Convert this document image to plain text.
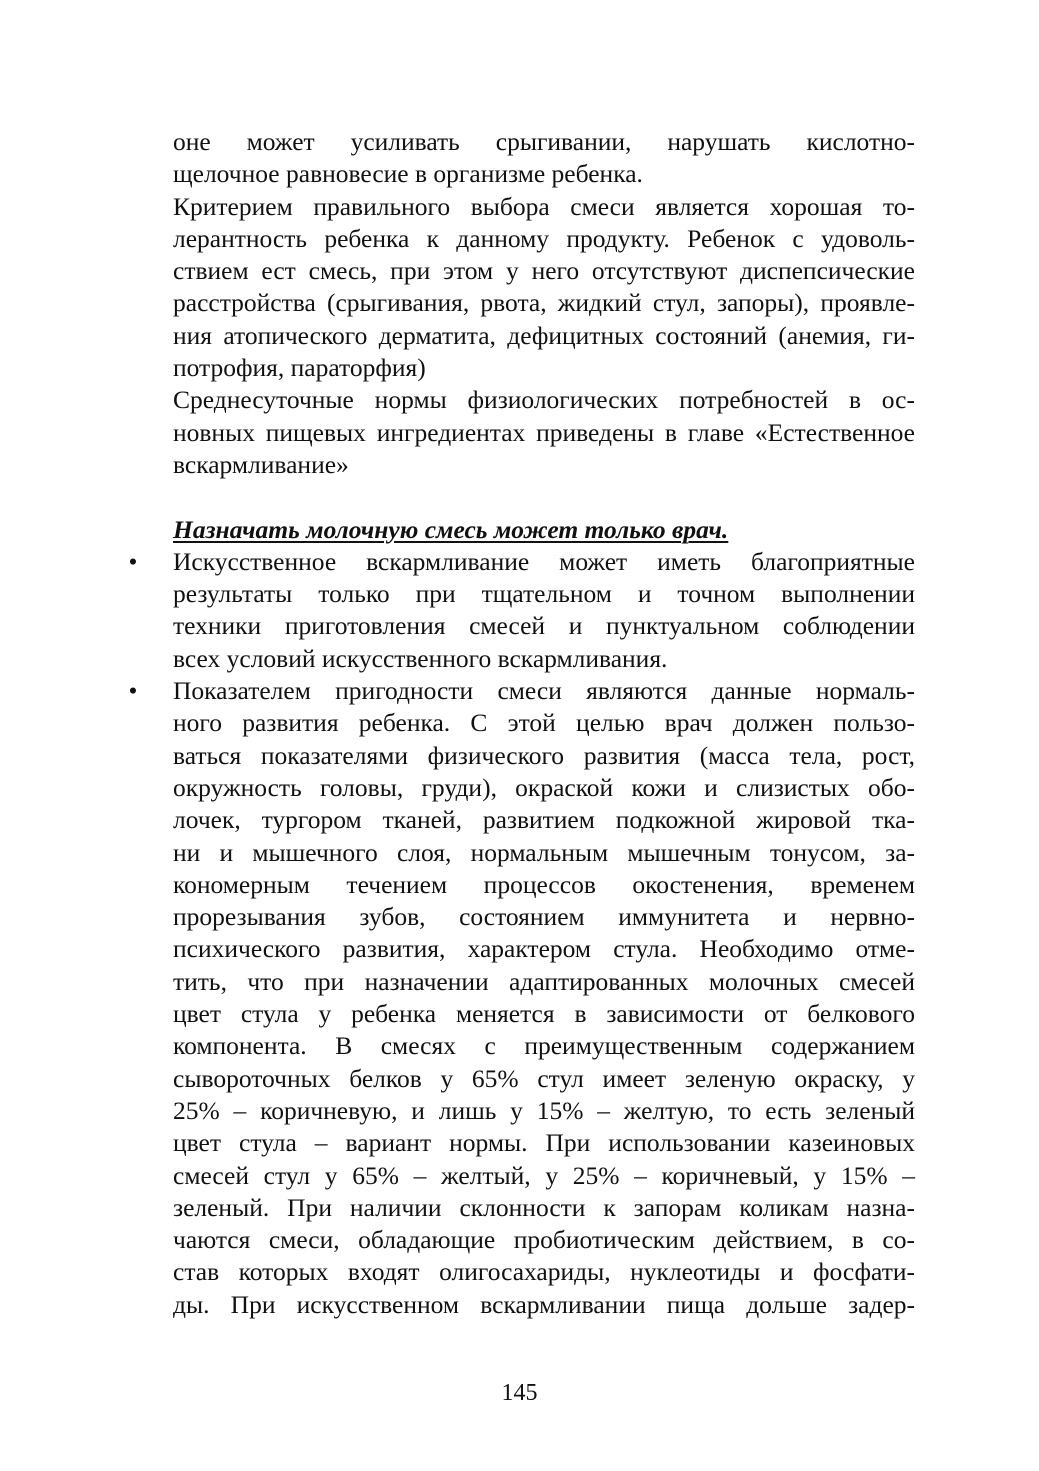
оне может усиливать срыгивании, нарушать кислотно-
щелочное равновесие в организме ребенка.
Критерием правильного выбора смеси является хорошая то-
лерантность ребенка к данному продукту. Ребенок с удоволь-
ствием ест смесь, при этом у него отсутствуют диспепсические
расстройства (срыгивания, рвота, жидкий стул, запоры), проявле-
ния атопического дерматита, дефицитных состояний (анемия, ги-
потрофия, параторфия)
Среднесуточные нормы физиологических потребностей в ос-
новных пищевых ингредиентах приведены в главе «Естественное
вскармливание»
Назначать молочную смесь может только врач.
• Искусственное вскармливание может иметь благоприятные
результаты только при тщательном и точном выполнении
техники приготовления смесей и пунктуальном соблюдении
всех условий искусственного вскармливания.
• Показателем пригодности смеси являются данные нормаль-
ного развития ребенка. С этой целью врач должен пользо-
ваться показателями физического развития (масса тела, рост,
окружность головы, груди), окраской кожи и слизистых обо-
лочек, тургором тканей, развитием подкожной жировой тка-
ни и мышечного слоя, нормальным мышечным тонусом, за-
кономерным течением процессов окостенения, временем
прорезывания зубов, состоянием иммунитета и нервно-
психического развития, характером стула. Необходимо отме-
тить, что при назначении адаптированных молочных смесей
цвет стула у ребенка меняется в зависимости от белкового
компонента. В смесях с преимущественным содержанием
сывороточных белков у 65% стул имеет зеленую окраску, у
25% – коричневую, и лишь у 15% – желтую, то есть зеленый
цвет стула – вариант нормы. При использовании казеиновых
смесей стул у 65% – желтый, у 25% – коричневый, у 15% –
зеленый. При наличии склонности к запорам коликам назна-
чаются смеси, обладающие пробиотическим действием, в со-
став которых входят олигосахариды, нуклеотиды и фосфати-
ды. При искусственном вскармливании пища дольше задер-
145
